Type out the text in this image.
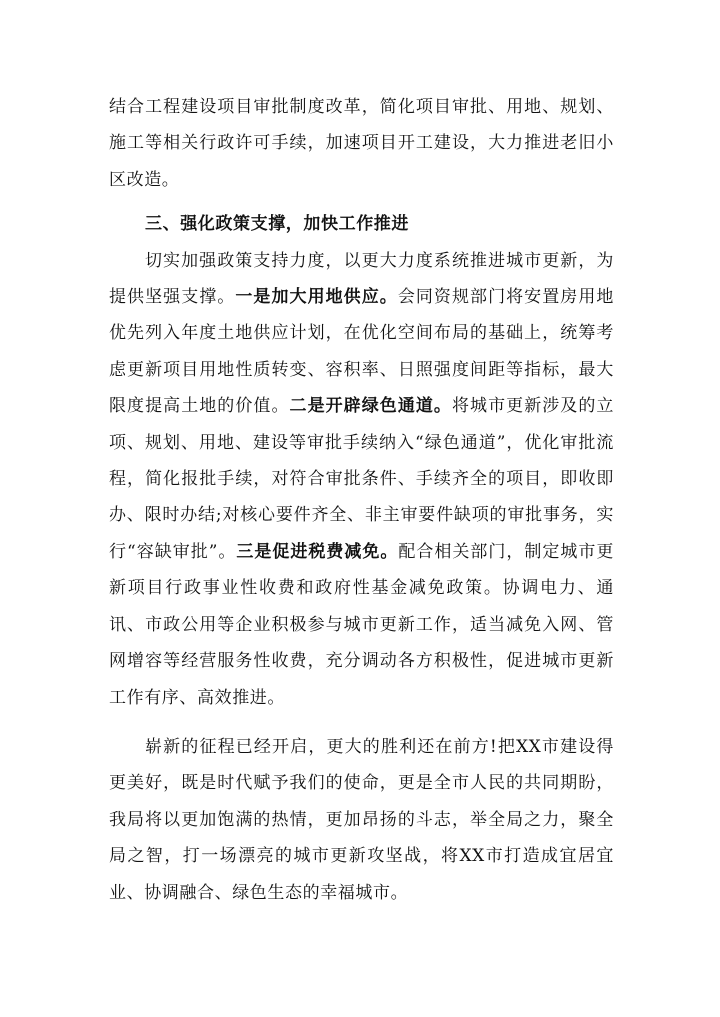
结合工程建设项目审批制度改革，简化项目审批、用地、规划、施工等相关行政许可手续，加速项目开工建设，大力推进老旧小区改造。

三、强化政策支撑，加快工作推进

切实加强政策支持力度，以更大力度系统推进城市更新，为提供坚强支撑。一是加大用地供应。会同资规部门将安置房用地优先列入年度土地供应计划，在优化空间布局的基础上，统筹考虑更新项目用地性质转变、容积率、日照强度间距等指标，最大限度提高土地的价值。二是开辟绿色通道。将城市更新涉及的立项、规划、用地、建设等审批手续纳入“绿色通道”，优化审批流程，简化报批手续，对符合审批条件、手续齐全的项目，即收即办、限时办结;对核心要件齐全、非主审要件缺项的审批事务，实行“容缺审批”。三是促进税费减免。配合相关部门，制定城市更新项目行政事业性收费和政府性基金减免政策。协调电力、通讯、市政公用等企业积极参与城市更新工作，适当减免入网、管网增容等经营服务性收费，充分调动各方积极性，促进城市更新工作有序、高效推进。

崭新的征程已经开启，更大的胜利还在前方!把XX市建设得更美好，既是时代赋予我们的使命，更是全市人民的共同期盼，我局将以更加饱满的热情，更加昂扬的斗志，举全局之力，聚全局之智，打一场漂亮的城市更新攻坚战，将XX市打造成宜居宜业、协调融合、绿色生态的幸福城市。
